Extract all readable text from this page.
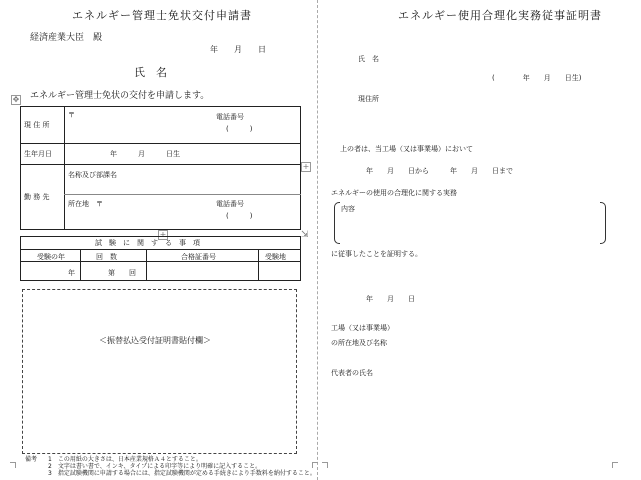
エネルギー管理士免状交付申請書
経済産業大臣　殿
年　　月　　日
氏　名
✥ エネルギー管理士免状の交付を申請します。
現 住 所
〒	電話番号
(　　　)
生年月日	年　　　月　　　日生
勤 務 先
名称及び部課名
所在地　〒	電話番号
(　　　)
+
+	⇲
試　験　に　関　す　る　事　項
受験の年	回　数	合格証番号	受験地
年	第　　回
＜振替払込受付証明書貼付欄＞
備考 1　この用紙の大きさは、日本産業規格Ａ４とすること。
2　文字は書い書で、インキ、タイプによる印字等により明確に記入すること。
3　指定試験機関に申請する場合には、指定試験機関が定める手続きにより手数料を納付すること。
エネルギー使用合理化実務従事証明書
氏　名
(　　　　年　　月　　日生)
現住所
上の者は、当工場（又は事業場）において
年　　月　　日から　　　年　　月　　日まで
エネルギーの使用の合理化に関する実務
内容
に従事したことを証明する。
年　　月　　日
工場（又は事業場）
の所在地及び名称
代表者の氏名
